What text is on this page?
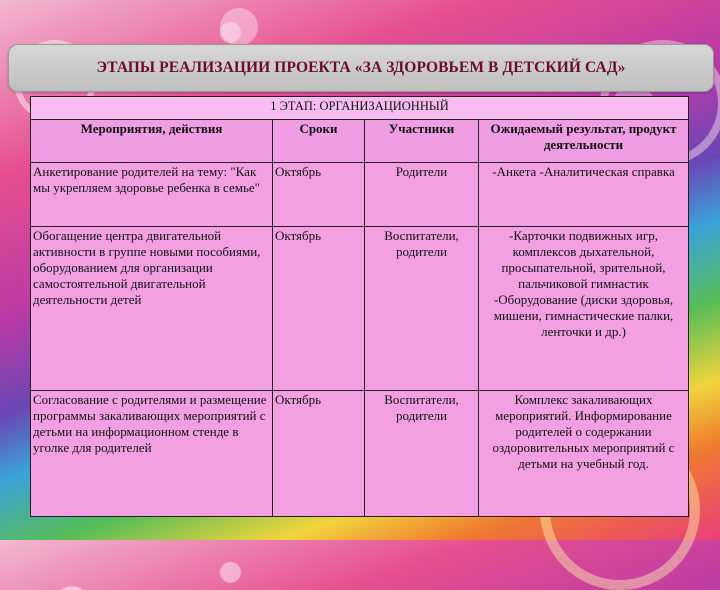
ЭТАПЫ РЕАЛИЗАЦИИ ПРОЕКТА «ЗА ЗДОРОВЬЕМ В ДЕТСКИЙ САД»
1 ЭТАП: ОРГАНИЗАЦИОННЫЙ			
Мероприятия, действия	Сроки	Участники	Ожидаемый результат, продукт деятельности
Анкетирование родителей на тему: "Как мы укрепляем здоровье ребенка в семье"	Октябрь	Родители	-Анкета -Аналитическая справка
Обогащение центра двигательной активности в группе новыми пособиями, оборудованием для организации самостоятельной двигательной деятельности детей	Октябрь	Воспитатели, родители	-Карточки подвижных игр, комплексов дыхательной, просыпательной, зрительной, пальчиковой гимнастик -Оборудование (диски здоровья, мишени, гимнастические палки, ленточки и др.)
Согласование с родителями и размещение программы закаливающих мероприятий с детьми на информационном стенде в уголке для родителей	Октябрь	Воспитатели, родители	Комплекс закаливающих мероприятий. Информирование родителей о содержании оздоровительных мероприятий с детьми на учебный год.
